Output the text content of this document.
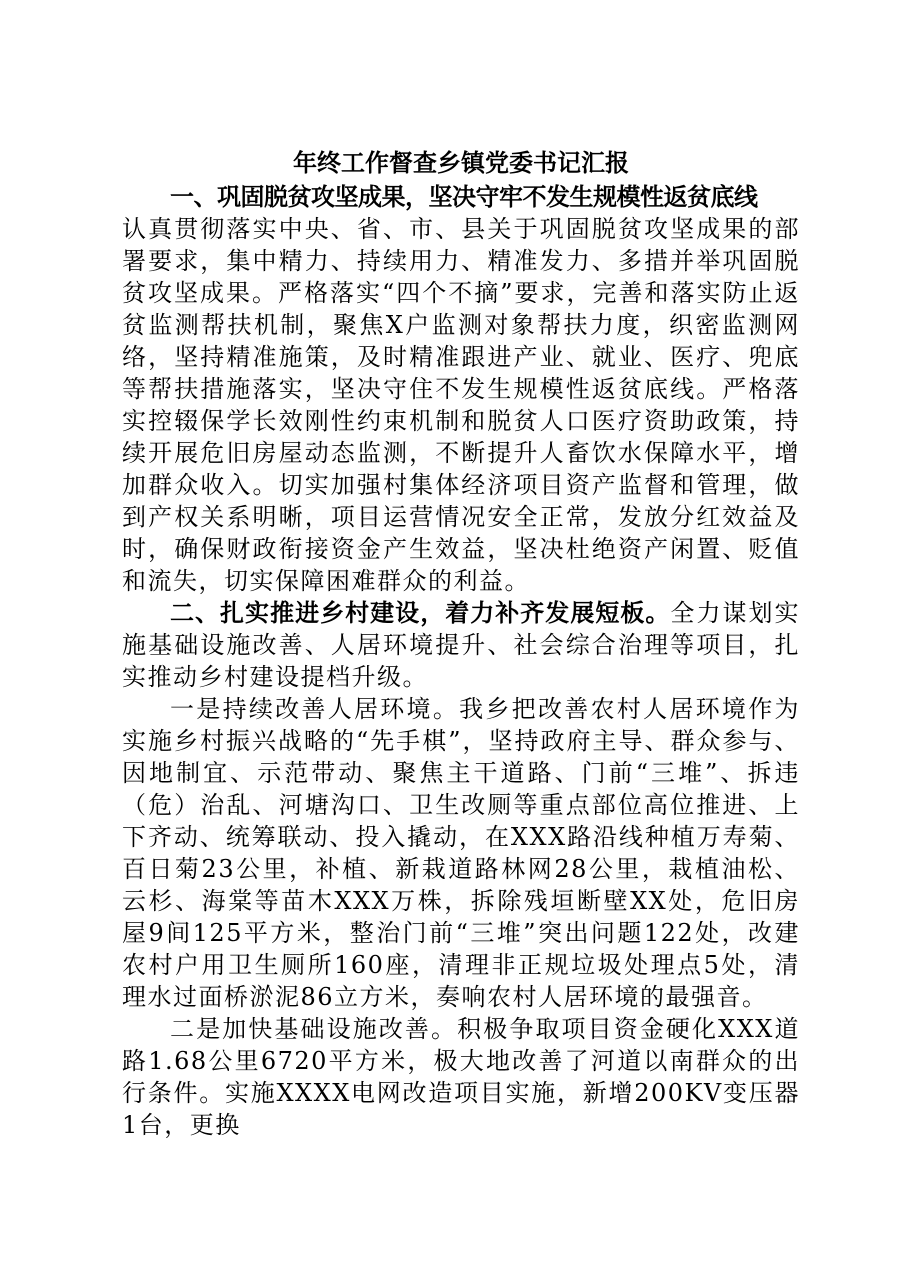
年终工作督查乡镇党委书记汇报
一、巩固脱贫攻坚成果，坚决守牢不发生规模性返贫底线

认真贯彻落实中央、省、市、县关于巩固脱贫攻坚成果的部署要求，集中精力、持续用力、精准发力、多措并举巩固脱贫攻坚成果。严格落实“四个不摘”要求，完善和落实防止返贫监测帮扶机制，聚焦X户监测对象帮扶力度，织密监测网络，坚持精准施策，及时精准跟进产业、就业、医疗、兜底等帮扶措施落实，坚决守住不发生规模性返贫底线。严格落实控辍保学长效刚性约束机制和脱贫人口医疗资助政策，持续开展危旧房屋动态监测，不断提升人畜饮水保障水平，增加群众收入。切实加强村集体经济项目资产监督和管理，做到产权关系明晰，项目运营情况安全正常，发放分红效益及时，确保财政衔接资金产生效益，坚决杜绝资产闲置、贬值和流失，切实保障困难群众的利益。

二、扎实推进乡村建设，着力补齐发展短板。全力谋划实施基础设施改善、人居环境提升、社会综合治理等项目，扎实推动乡村建设提档升级。

一是持续改善人居环境。我乡把改善农村人居环境作为实施乡村振兴战略的“先手棋”，坚持政府主导、群众参与、因地制宜、示范带动、聚焦主干道路、门前“三堆”、拆违（危）治乱、河塘沟口、卫生改厕等重点部位高位推进、上下齐动、统筹联动、投入撬动，在XXX路沿线种植万寿菊、百日菊23公里，补植、新栽道路林网28公里，栽植油松、云杉、海棠等苗木XXX万株，拆除残垣断壁XX处，危旧房屋9间125平方米，整治门前“三堆”突出问题122处，改建农村户用卫生厕所160座，清理非正规垃圾处理点5处，清理水过面桥淤泥86立方米，奏响农村人居环境的最强音。

二是加快基础设施改善。积极争取项目资金硬化XXX道路1.68公里6720平方米，极大地改善了河道以南群众的出行条件。实施XXXX电网改造项目实施，新增200KV变压器1台，更换
